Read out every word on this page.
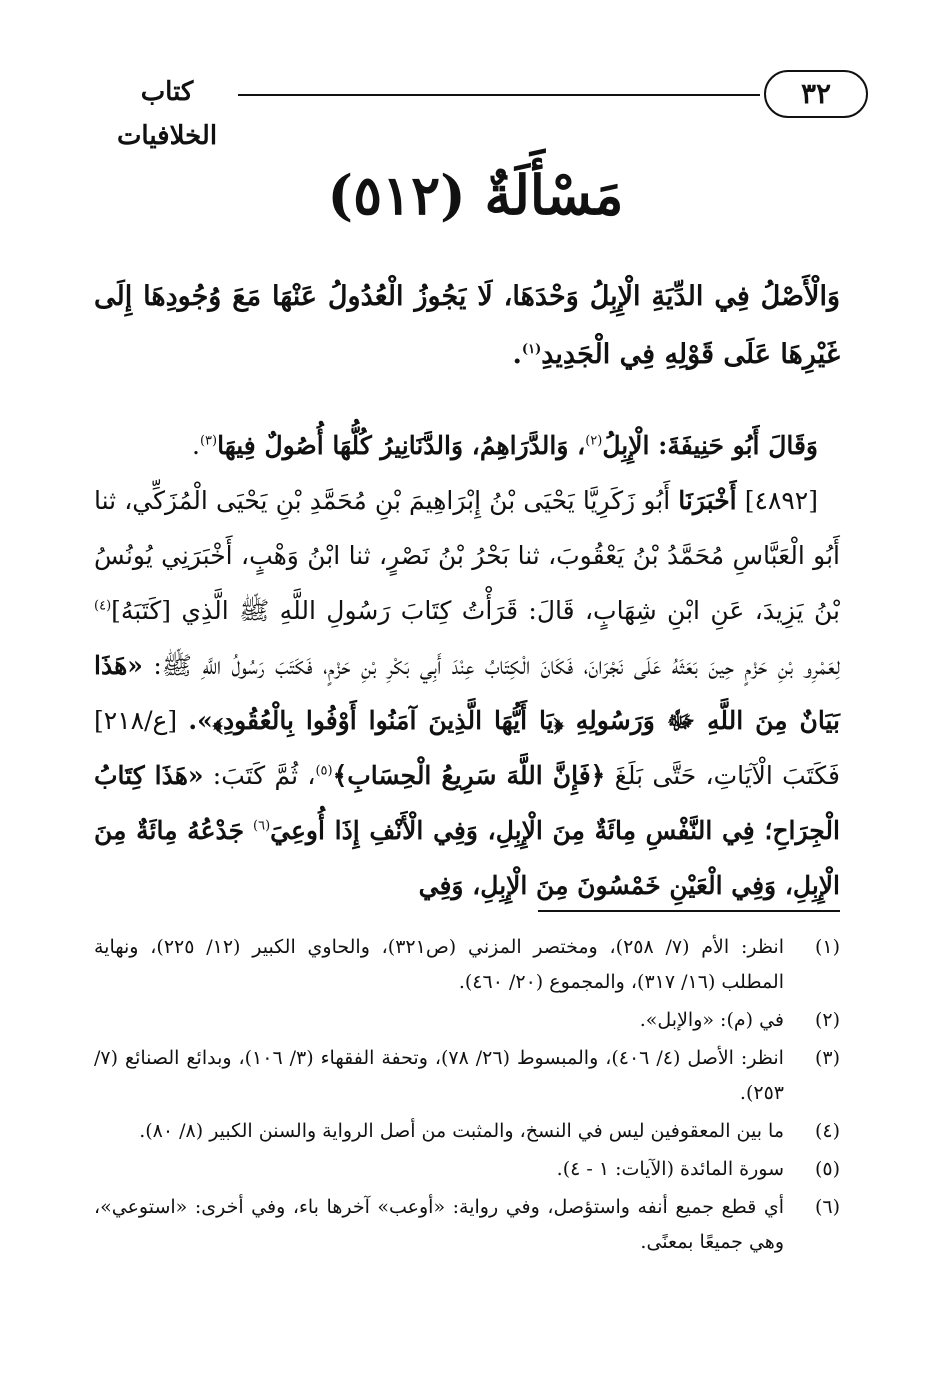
٣٢
كتاب الخلافيات
مَسْأَلَةٌ (٥١٢)
وَالْأَصْلُ فِي الدِّيَةِ الْإِبِلُ وَحْدَهَا، لَا يَجُوزُ الْعُدُولُ عَنْهَا مَعَ وُجُودِهَا إِلَى غَيْرِهَا عَلَى قَوْلِهِ فِي الْجَدِيدِ$^{(١)}$.

وَقَالَ أَبُو حَنِيفَةَ: الْإِبِلُ$^{(٢)}$، وَالدَّرَاهِمُ، وَالدَّنَانِيرُ كُلُّهَا أُصُولٌ فِيهَا$^{(٣)}$.

[٤٨٩٢] أَخْبَرَنَا أَبُو زَكَرِيَّا يَحْيَى بْنُ إِبْرَاهِيمَ بْنِ مُحَمَّدِ بْنِ يَحْيَى الْمُزَكِّي، ثنا أَبُو الْعَبَّاسِ مُحَمَّدُ بْنُ يَعْقُوبَ، ثنا بَحْرُ بْنُ نَصْرٍ، ثنا ابْنُ وَهْبٍ، أَخْبَرَنِي يُونُسُ بْنُ يَزِيدَ، عَنِ ابْنِ شِهَابٍ، قَالَ: قَرَأْتُ كِتَابَ رَسُولِ اللَّهِ ﷺ الَّذِي [كَتَبَهُ]$^{(٤)}$ لِعَمْرِو بْنِ حَزْمٍ حِينَ بَعَثَهُ عَلَى نَجْرَانَ، فَكَانَ الْكِتَابُ عِنْدَ أَبِي بَكْرِ بْنِ حَزْمٍ، فَكَتَبَ رَسُولُ اللَّهِ ﷺ: «هَذَا بَيَانٌ مِنَ اللَّهِ ﷻ وَرَسُولِهِ ﴿يَا أَيُّهَا الَّذِينَ آمَنُوا أَوْفُوا بِالْعُقُودِ﴾». [ع/٢١٨] فَكَتَبَ الْآيَاتِ، حَتَّى بَلَغَ ﴿فَإِنَّ اللَّهَ سَرِيعُ الْحِسَابِ﴾$^{(٥)}$، ثُمَّ كَتَبَ: «هَذَا كِتَابُ الْجِرَاحِ؛ فِي النَّفْسِ مِائَةٌ مِنَ الْإِبِلِ، وَفِي الْأَنْفِ إِذَا أُوعِيَ$^{(٦)}$ جَدْعُهُ مِائَةٌ مِنَ الْإِبِلِ، وَفِي الْعَيْنِ خَمْسُونَ مِنَ الْإِبِلِ، وَفِي

(١)
انظر: الأم (٧/ ٢٥٨)، ومختصر المزني (ص٣٢١)، والحاوي الكبير (١٢/ ٢٢٥)، ونهاية المطلب (١٦/ ٣١٧)، والمجموع (٢٠/ ٤٦٠).
(٢)
في (م): «والإبل».
(٣)
انظر: الأصل (٤/ ٤٠٦)، والمبسوط (٢٦/ ٧٨)، وتحفة الفقهاء (٣/ ١٠٦)، وبدائع الصنائع (٧/ ٢٥٣).
(٤)
ما بين المعقوفين ليس في النسخ، والمثبت من أصل الرواية والسنن الكبير (٨/ ٨٠).
(٥)
سورة المائدة (الآيات: ١ - ٤).
(٦)
أي قطع جميع أنفه واستؤصل، وفي رواية: «أوعب» آخرها باء، وفي أخرى: «استوعي»، وهي جميعًا بمعنًى.
